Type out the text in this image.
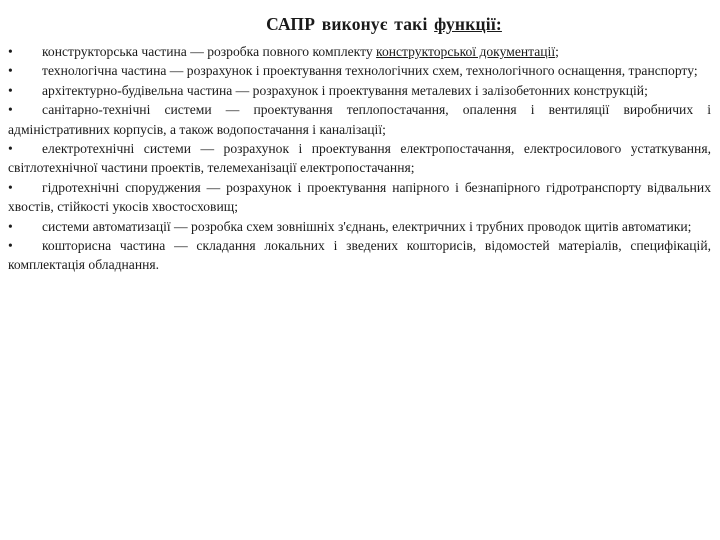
САПР виконує такі функції:
• конструкторська частина — розробка повного комплекту конструкторської документації;
• технологічна частина — розрахунок і проектування технологічних схем, технологічного оснащення, транспорту;
• архітектурно-будівельна частина — розрахунок і проектування металевих і залізобетонних конструкцій;
• санітарно-технічні системи — проектування теплопостачання, опалення і вентиляції виробничих і адміністративних корпусів, а також водопостачання і каналізації;
• електротехнічні системи — розрахунок і проектування електропостачання, електросилового устаткування, світлотехнічної частини проектів, телемеханізації електропостачання;
• гідротехнічні споруджения — розрахунок і проектування напірного і безнапірного гідротранспорту відвальних хвостів, стійкості укосів хвостосховищ;
• системи автоматизації — розробка схем зовнішніх з'єднань, електричних і трубних проводок щитів автоматики;
• кошторисна частина — складання локальних і зведених кошторисів, відомостей матеріалів, специфікацій, комплектація обладнання.
